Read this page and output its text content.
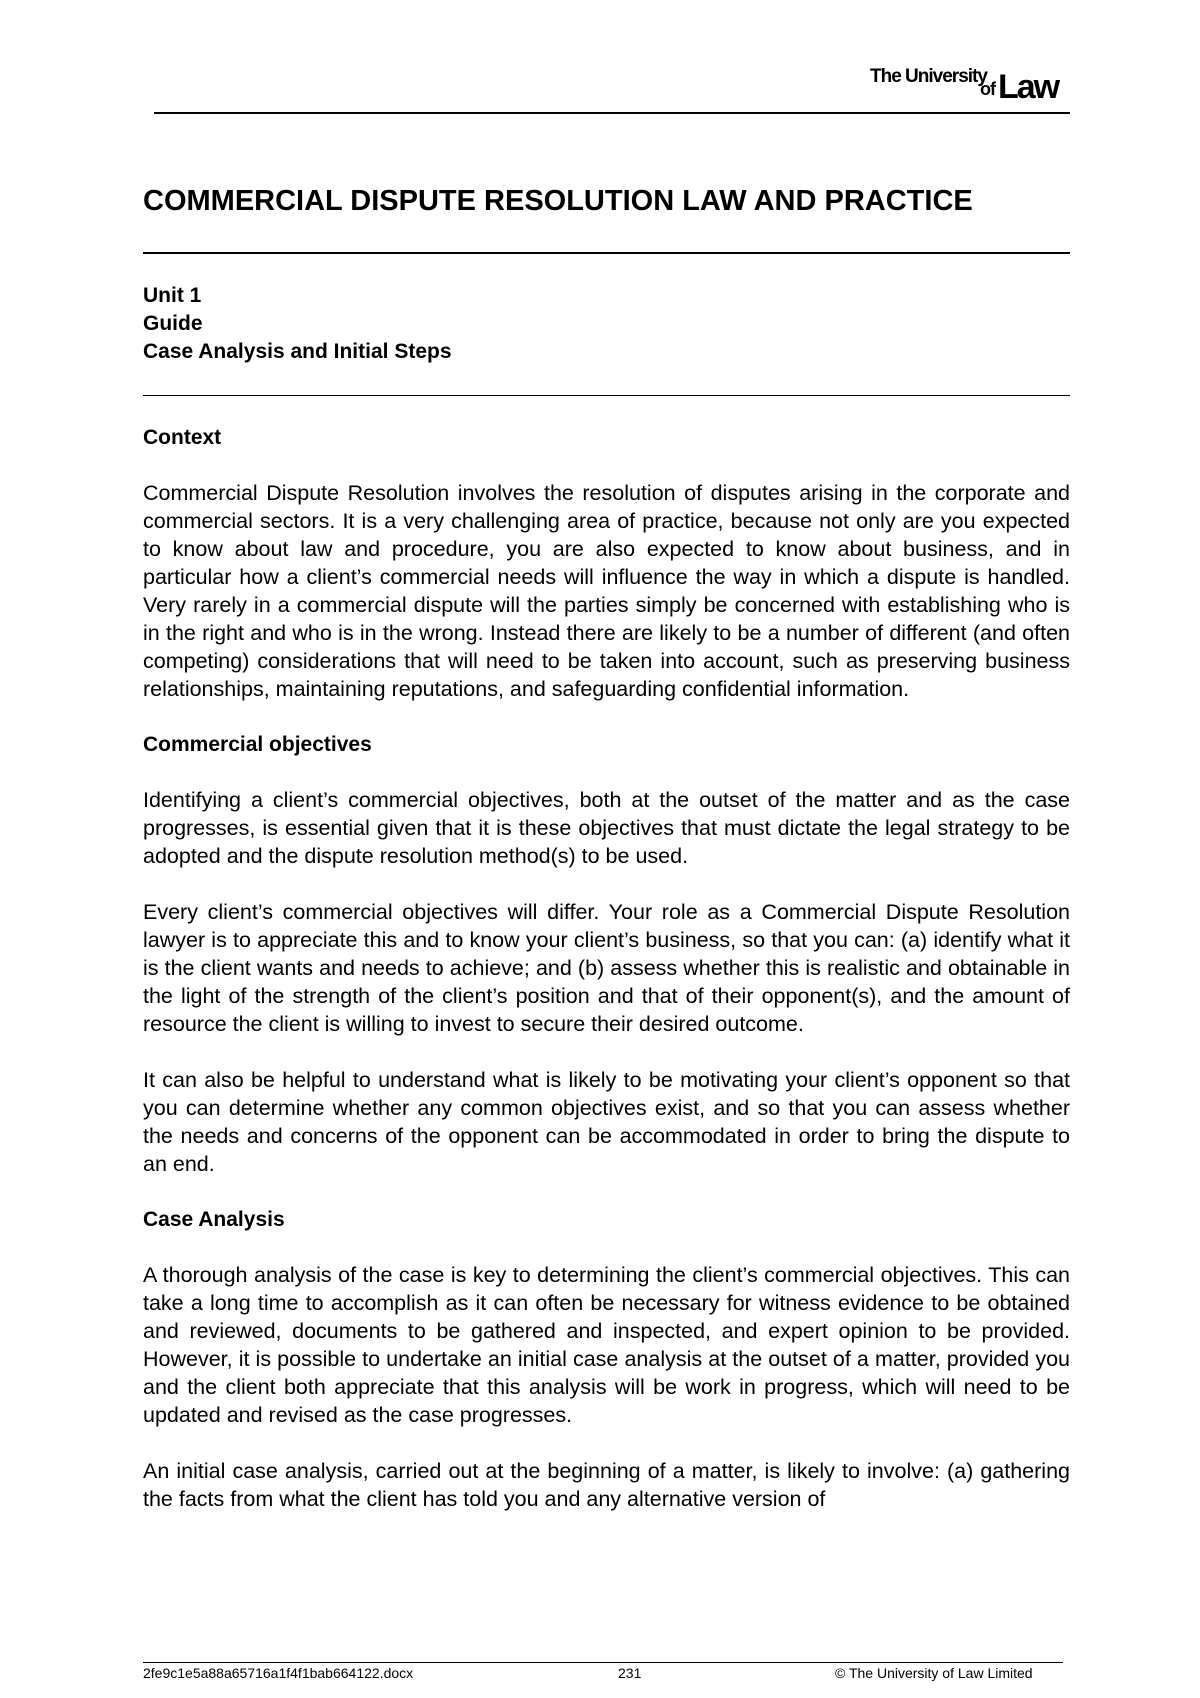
The University
of Law
COMMERCIAL DISPUTE RESOLUTION LAW AND PRACTICE

Unit 1

Guide

Case Analysis and Initial Steps

Context

Commercial Dispute Resolution involves the resolution of disputes arising in the corporate and commercial sectors. It is a very challenging area of practice, because not only are you expected to know about law and procedure, you are also expected to know about business, and in particular how a client’s commercial needs will influence the way in which a dispute is handled. Very rarely in a commercial dispute will the parties simply be concerned with establishing who is in the right and who is in the wrong. Instead there are likely to be a number of different (and often competing) considerations that will need to be taken into account, such as preserving business relationships, maintaining reputations, and safeguarding confidential information.

Commercial objectives

Identifying a client’s commercial objectives, both at the outset of the matter and as the case progresses, is essential given that it is these objectives that must dictate the legal strategy to be adopted and the dispute resolution method(s) to be used.

Every client’s commercial objectives will differ. Your role as a Commercial Dispute Resolution lawyer is to appreciate this and to know your client’s business, so that you can: (a) identify what it is the client wants and needs to achieve; and (b) assess whether this is realistic and obtainable in the light of the strength of the client’s position and that of their opponent(s), and the amount of resource the client is willing to invest to secure their desired outcome.

It can also be helpful to understand what is likely to be motivating your client’s opponent so that you can determine whether any common objectives exist, and so that you can assess whether the needs and concerns of the opponent can be accommodated in order to bring the dispute to an end.

Case Analysis

A thorough analysis of the case is key to determining the client’s commercial objectives. This can take a long time to accomplish as it can often be necessary for witness evidence to be obtained and reviewed, documents to be gathered and inspected, and expert opinion to be provided. However, it is possible to undertake an initial case analysis at the outset of a matter, provided you and the client both appreciate that this analysis will be work in progress, which will need to be updated and revised as the case progresses.

An initial case analysis, carried out at the beginning of a matter, is likely to involve: (a) gathering the facts from what the client has told you and any alternative version of

2fe9c1e5a88a65716a1f4f1bab664122.docx	231	© The University of Law Limited
